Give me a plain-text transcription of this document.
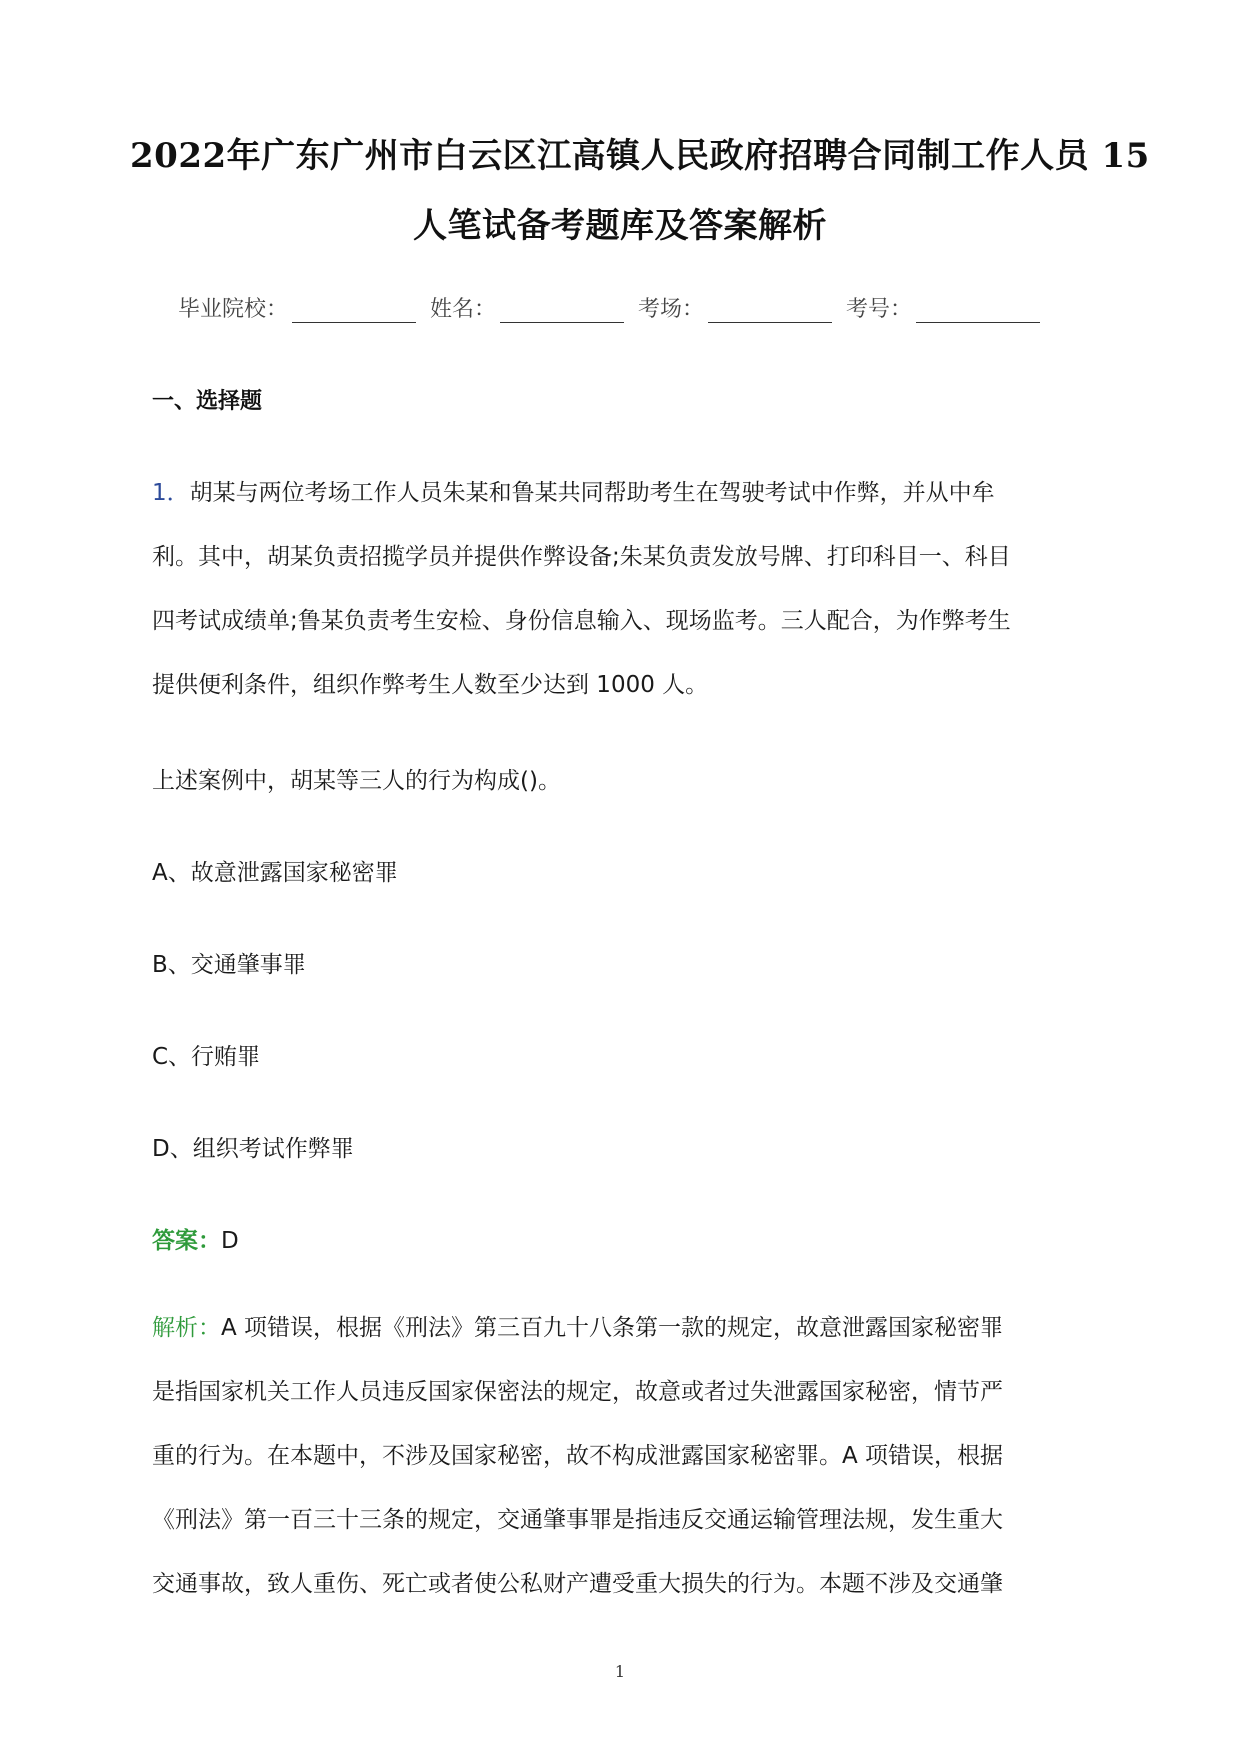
2022年广东广州市白云区江高镇人民政府招聘合同制工作人员 15
人笔试备考题库及答案解析
毕业院校：	姓名：	考场：	考号：
一、选择题
1．胡某与两位考场工作人员朱某和鲁某共同帮助考生在驾驶考试中作弊，并从中牟
利。其中，胡某负责招揽学员并提供作弊设备;朱某负责发放号牌、打印科目一、科目
四考试成绩单;鲁某负责考生安检、身份信息输入、现场监考。三人配合，为作弊考生
提供便利条件，组织作弊考生人数至少达到 1000 人。
上述案例中，胡某等三人的行为构成()。
A、故意泄露国家秘密罪
B、交通肇事罪
C、行贿罪
D、组织考试作弊罪
答案：D
解析：A 项错误，根据《刑法》第三百九十八条第一款的规定，故意泄露国家秘密罪
是指国家机关工作人员违反国家保密法的规定，故意或者过失泄露国家秘密，情节严
重的行为。在本题中，不涉及国家秘密，故不构成泄露国家秘密罪。A 项错误，根据
《刑法》第一百三十三条的规定，交通肇事罪是指违反交通运输管理法规，发生重大
交通事故，致人重伤、死亡或者使公私财产遭受重大损失的行为。本题不涉及交通肇
1
